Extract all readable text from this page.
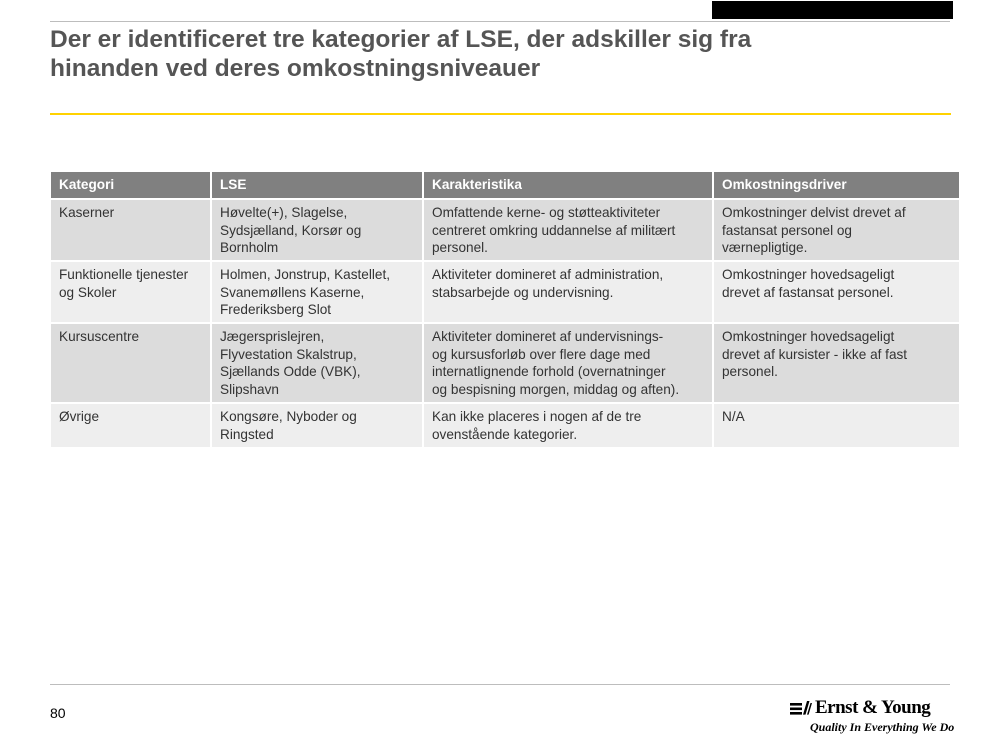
Der er identificeret tre kategorier af LSE, der adskiller sig fra
hinanden ved deres omkostningsniveauer
Kategori	LSE	Karakteristika	Omkostningsdriver

Kaserner	Høvelte(+), Slagelse,
Sydsjælland, Korsør og
Bornholm	Omfattende kerne- og støtteaktiviteter
centreret omkring uddannelse af militært
personel.	Omkostninger delvist drevet af
fastansat personel og
værnepligtige.

Funktionelle tjenester
og Skoler	Holmen, Jonstrup, Kastellet,
Svanemøllens Kaserne,
Frederiksberg Slot	Aktiviteter domineret af administration,
stabsarbejde og undervisning.	Omkostninger hovedsageligt
drevet af fastansat personel.

Kursuscentre	Jægersprislejren,
Flyvestation Skalstrup,
Sjællands Odde (VBK),
Slipshavn	Aktiviteter domineret af undervisnings-
og kursusforløb over flere dage med
internatlignende forhold (overnatninger
og bespisning morgen, middag og aften).	Omkostninger hovedsageligt
drevet af kursister - ikke af fast
personel.

Øvrige	Kongsøre, Nyboder og
Ringsted	Kan ikke placeres i nogen af de tre
ovenstående kategorier.	N/A
80	Ernst & Young
Quality In Everything We Do
